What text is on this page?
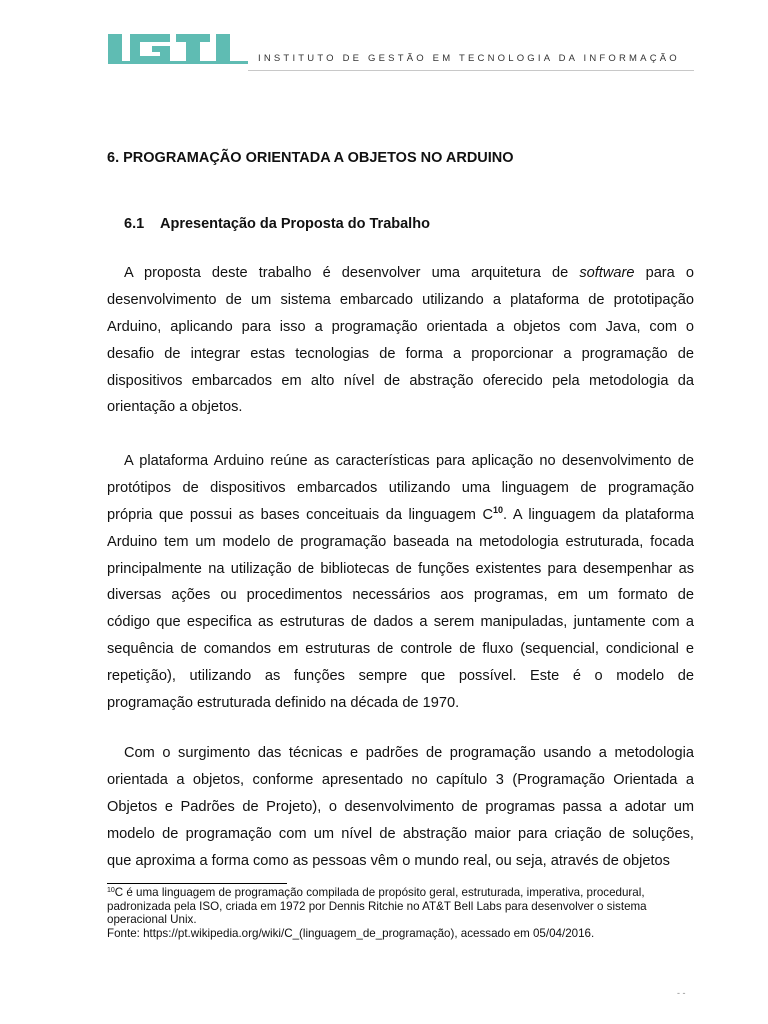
INSTITUTO DE GESTÃO EM TECNOLOGIA DA INFORMAÇÃO
6. PROGRAMAÇÃO ORIENTADA A OBJETOS NO ARDUINO
6.1 Apresentação da Proposta do Trabalho
A proposta deste trabalho é desenvolver uma arquitetura de software para o
desenvolvimento de um sistema embarcado utilizando a plataforma de prototipação
Arduino, aplicando para isso a programação orientada a objetos com Java, com o
desafio de integrar estas tecnologias de forma a proporcionar a programação de
dispositivos embarcados em alto nível de abstração oferecido pela metodologia da
orientação a objetos.
A plataforma Arduino reúne as características para aplicação no desenvolvimento de
protótipos de dispositivos embarcados utilizando uma linguagem de programação
própria que possui as bases conceituais da linguagem $C^{10}$. A linguagem da plataforma
Arduino tem um modelo de programação baseada na metodologia estruturada, focada
principalmente na utilização de bibliotecas de funções existentes para desempenhar as
diversas ações ou procedimentos necessários aos programas, em um formato de
código que especifica as estruturas de dados a serem manipuladas, juntamente com a
sequência de comandos em estruturas de controle de fluxo (sequencial, condicional e
repetição), utilizando as funções sempre que possível. Este é o modelo de
programação estruturada definido na década de 1970.
Com o surgimento das técnicas e padrões de programação usando a metodologia
orientada a objetos, conforme apresentado no capítulo 3 (Programação Orientada a
Objetos e Padrões de Projeto), o desenvolvimento de programas passa a adotar um
modelo de programação com um nível de abstração maior para criação de soluções,
que aproxima a forma como as pessoas vêm o mundo real, ou seja, através de objetos
$^{10}$C é uma linguagem de programação compilada de propósito geral, estruturada, imperativa, procedural,
padronizada pela ISO, criada em 1972 por Dennis Ritchie no AT&T Bell Labs para desenvolver o sistema
operacional Unix.
Fonte: https://pt.wikipedia.org/wiki/C_(linguagem_de_programação), acessado em 05/04/2016.
- -
